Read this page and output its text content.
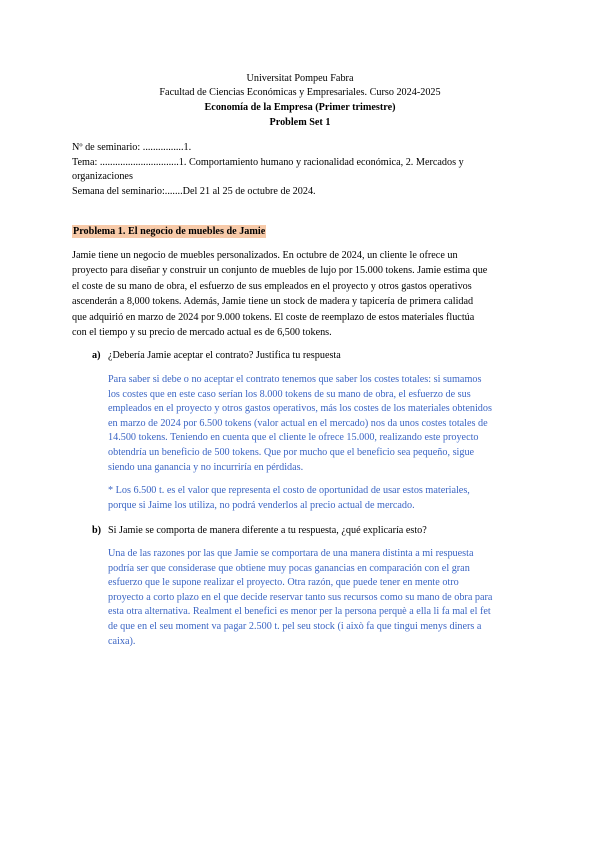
Universitat Pompeu Fabra
Facultad de Ciencias Económicas y Empresariales. Curso 2024-2025
Economía de la Empresa (Primer trimestre)
Problem Set 1
Nº de seminario: ................1.
Tema: ...............................1. Comportamiento humano y racionalidad económica, 2. Mercados y
organizaciones
Semana del seminario:.......Del 21 al 25 de octubre de 2024.
Problema 1. El negocio de muebles de Jamie
Jamie tiene un negocio de muebles personalizados. En octubre de 2024, un cliente le ofrece un
proyecto para diseñar y construir un conjunto de muebles de lujo por 15.000 tokens. Jamie estima que
el coste de su mano de obra, el esfuerzo de sus empleados en el proyecto y otros gastos operativos
ascenderán a 8,000 tokens. Además, Jamie tiene un stock de madera y tapicería de primera calidad
que adquirió en marzo de 2024 por 9.000 tokens. El coste de reemplazo de estos materiales fluctúa
con el tiempo y su precio de mercado actual es de 6,500 tokens.
a) ¿Debería Jamie aceptar el contrato? Justifica tu respuesta
Para saber si debe o no aceptar el contrato tenemos que saber los costes totales: si sumamos
los costes que en este caso serían los 8.000 tokens de su mano de obra, el esfuerzo de sus
empleados en el proyecto y otros gastos operativos, más los costes de los materiales obtenidos
en marzo de 2024 por 6.500 tokens (valor actual en el mercado) nos da unos costes totales de
14.500 tokens. Teniendo en cuenta que el cliente le ofrece 15.000, realizando este proyecto
obtendría un beneficio de 500 tokens. Que por mucho que el beneficio sea pequeño, sigue
siendo una ganancia y no incurriría en pérdidas.
* Los 6.500 t. es el valor que representa el costo de oportunidad de usar estos materiales,
porque si Jaime los utiliza, no podrá venderlos al precio actual de mercado.
b) Si Jamie se comporta de manera diferente a tu respuesta, ¿qué explicaría esto?
Una de las razones por las que Jamie se comportara de una manera distinta a mi respuesta
podría ser que considerase que obtiene muy pocas ganancias en comparación con el gran
esfuerzo que le supone realizar el proyecto. Otra razón, que puede tener en mente otro
proyecto a corto plazo en el que decide reservar tanto sus recursos como su mano de obra para
esta otra alternativa. Realment el benefici es menor per la persona perquè a ella li fa mal el fet
de que en el seu moment va pagar 2.500 t. pel seu stock (i això fa que tingui menys diners a
caixa).
